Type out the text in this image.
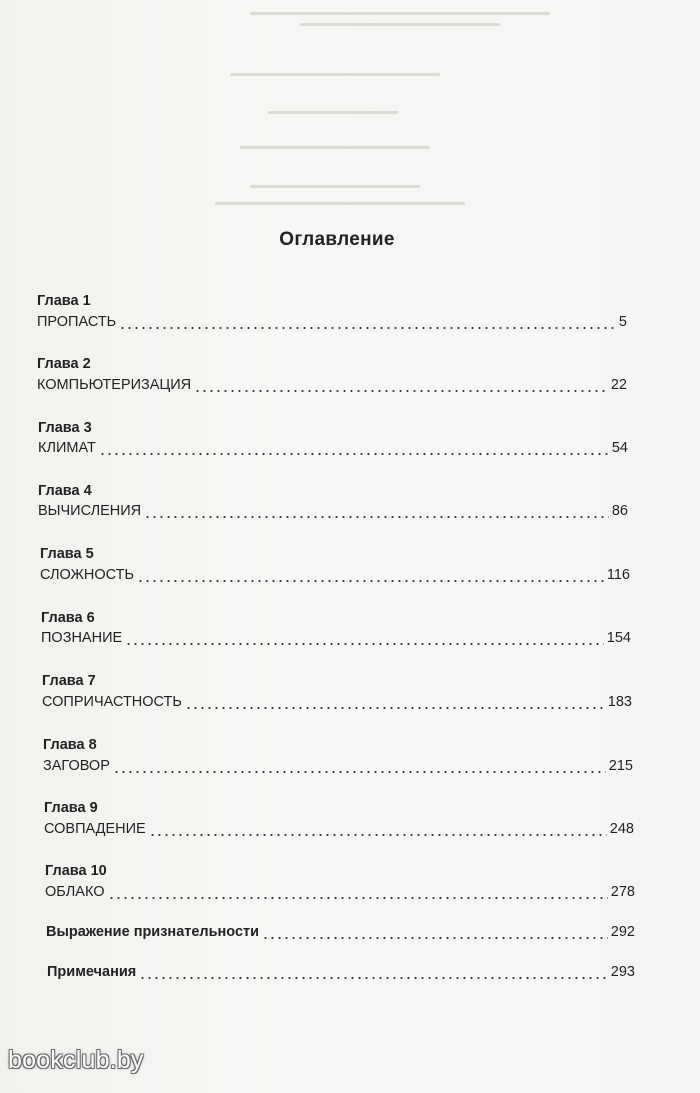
Оглавление
Глава 1
ПРОПАСТЬ	5
Глава 2
КОМПЬЮТЕРИЗАЦИЯ	22
Глава 3
КЛИМАТ	54
Глава 4
ВЫЧИСЛЕНИЯ	86
Глава 5
СЛОЖНОСТЬ	116
Глава 6
ПОЗНАНИЕ	154
Глава 7
СОПРИЧАСТНОСТЬ	183
Глава 8
ЗАГОВОР	215
Глава 9
СОВПАДЕНИЕ	248
Глава 10
ОБЛАКО	278
Выражение признательности	292
Примечания	293
bookclub.by
